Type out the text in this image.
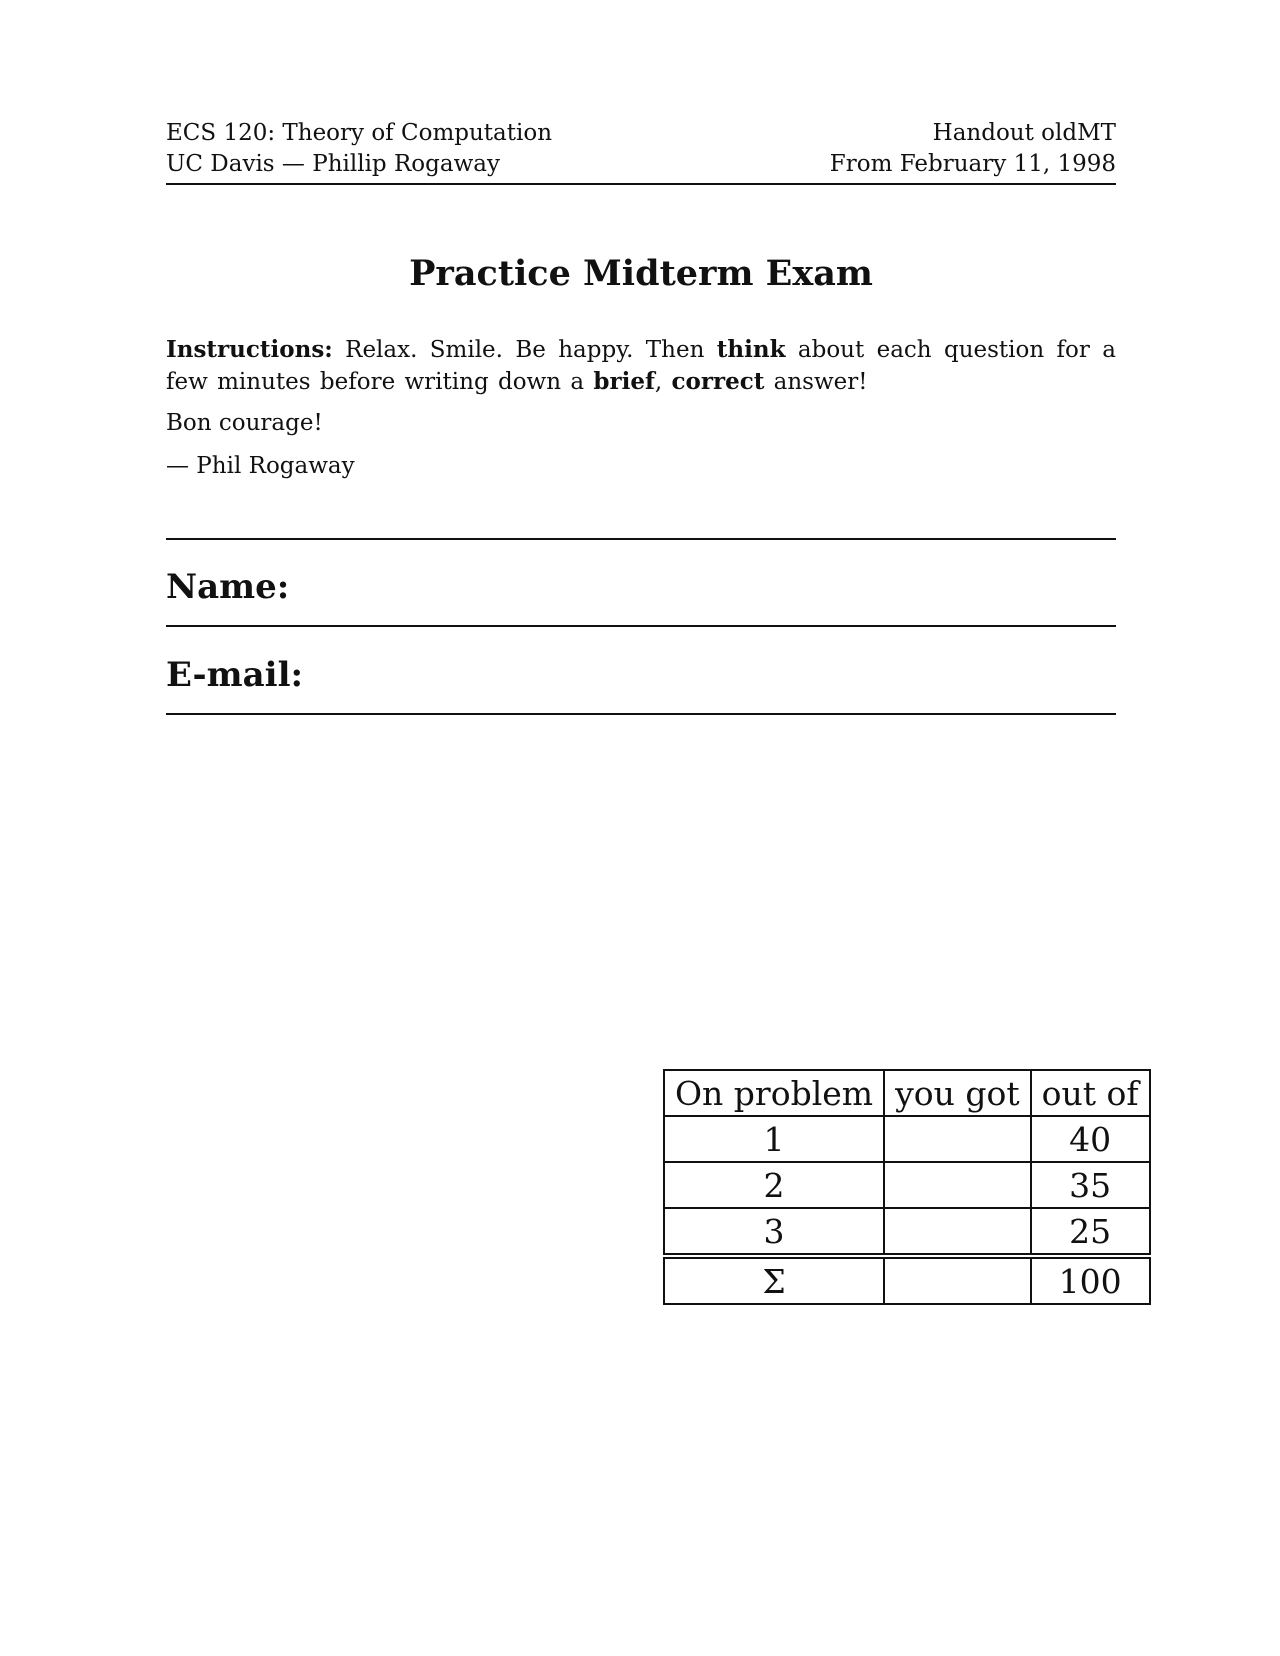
ECS 120: Theory of Computation	Handout oldMT
UC Davis — Phillip Rogaway	From February 11, 1998
Practice Midterm Exam
Instructions: Relax. Smile. Be happy. Then think about each question for a few minutes before writing down a brief, correct answer!
Bon courage!
— Phil Rogaway
Name:
E-mail:
On problem	you got	out of
1		40
2		35
3		25
Σ		100
